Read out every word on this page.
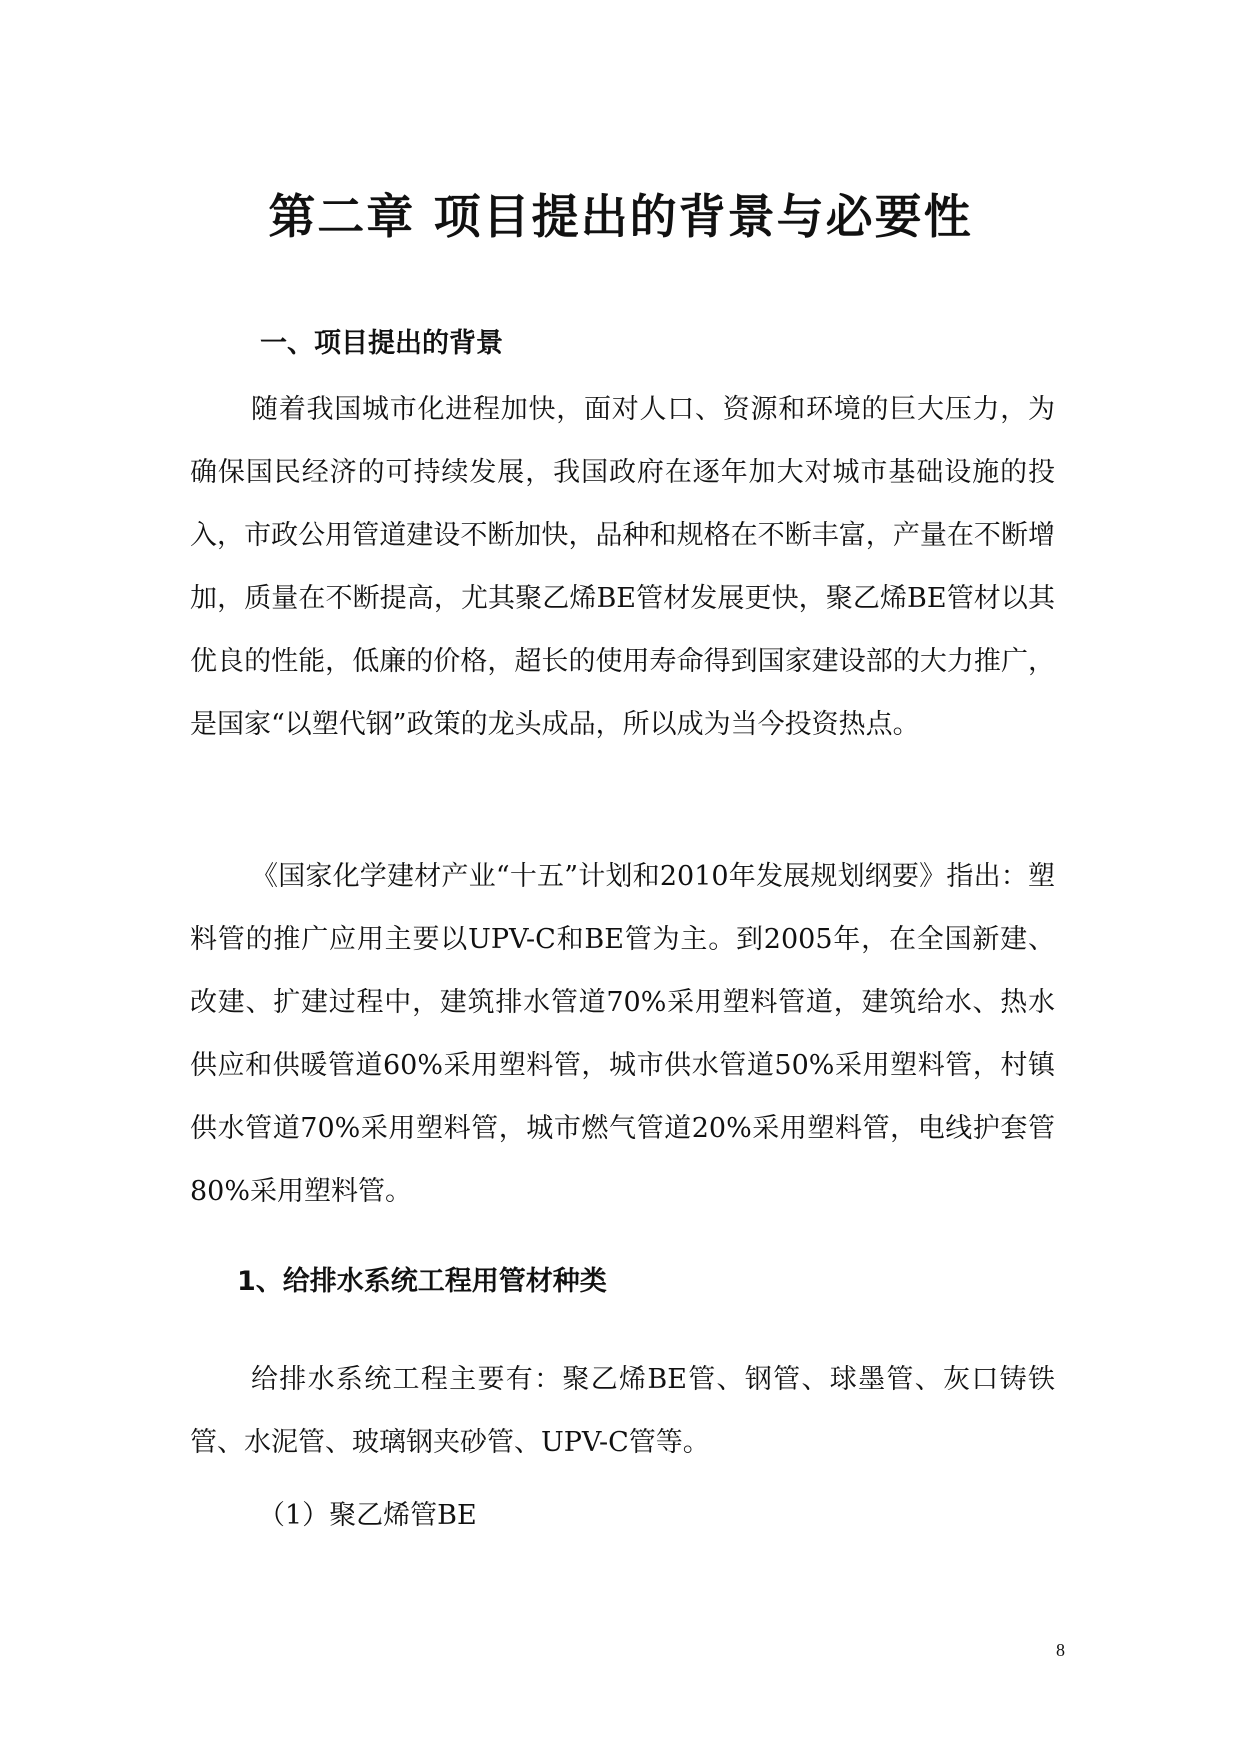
第二章 项目提出的背景与必要性
一、项目提出的背景

随着我国城市化进程加快，面对人口、资源和环境的巨大压力，为确保国民经济的可持续发展，我国政府在逐年加大对城市基础设施的投入，市政公用管道建设不断加快，品种和规格在不断丰富，产量在不断增加，质量在不断提高，尤其聚乙烯BE管材发展更快，聚乙烯BE管材以其优良的性能，低廉的价格，超长的使用寿命得到国家建设部的大力推广，是国家“以塑代钢”政策的龙头成品，所以成为当今投资热点。

《国家化学建材产业“十五”计划和2010年发展规划纲要》指出：塑料管的推广应用主要以UPV-C和BE管为主。到2005年，在全国新建、改建、扩建过程中，建筑排水管道70%采用塑料管道，建筑给水、热水供应和供暖管道60%采用塑料管，城市供水管道50%采用塑料管，村镇供水管道70%采用塑料管，城市燃气管道20%采用塑料管，电线护套管80%采用塑料管。

1、给排水系统工程用管材种类

给排水系统工程主要有：聚乙烯BE管、钢管、球墨管、灰口铸铁管、水泥管、玻璃钢夹砂管、UPV-C管等。

（1）聚乙烯管BE

8
